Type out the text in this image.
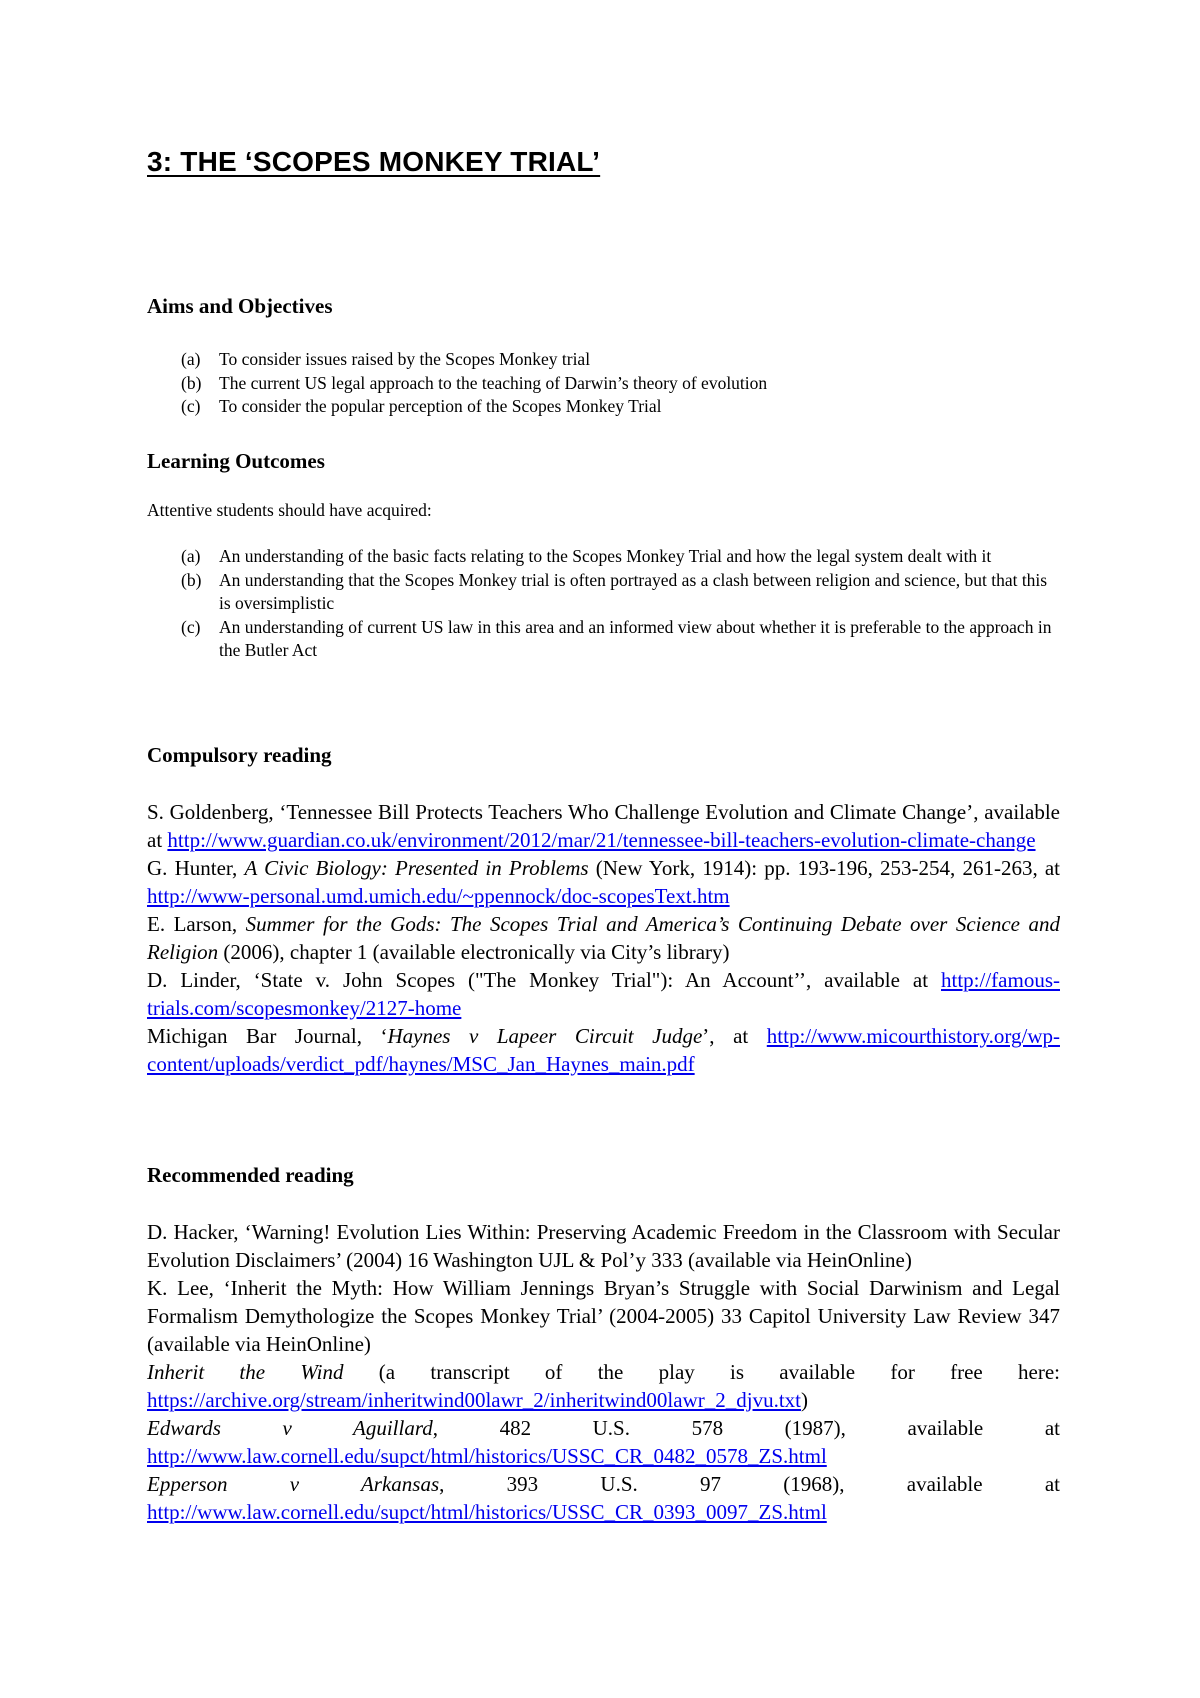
3: THE ‘SCOPES MONKEY TRIAL’
Aims and Objectives
(a) To consider issues raised by the Scopes Monkey trial
(b) The current US legal approach to the teaching of Darwin’s theory of evolution
(c) To consider the popular perception of the Scopes Monkey Trial
Learning Outcomes

Attentive students should have acquired:

(a) An understanding of the basic facts relating to the Scopes Monkey Trial and how the legal system dealt with it
(b) An understanding that the Scopes Monkey trial is often portrayed as a clash between religion and science, but that this is oversimplistic
(c) An understanding of current US law in this area and an informed view about whether it is preferable to the approach in the Butler Act
Compulsory reading
S. Goldenberg, ‘Tennessee Bill Protects Teachers Who Challenge Evolution and Climate Change’, available at http://www.guardian.co.uk/environment/2012/mar/21/tennessee-bill-teachers-evolution-climate-change
G. Hunter, A Civic Biology: Presented in Problems (New York, 1914): pp. 193-196, 253-254, 261-263, at http://www-personal.umd.umich.edu/~ppennock/doc-scopesText.htm
E. Larson, Summer for the Gods: The Scopes Trial and America’s Continuing Debate over Science and Religion (2006), chapter 1 (available electronically via City’s library)
D. Linder, ‘State v. John Scopes ("The Monkey Trial"): An Account’’, available at http://famous-trials.com/scopesmonkey/2127-home
Michigan Bar Journal, ‘Haynes v Lapeer Circuit Judge’, at http://www.micourthistory.org/wp-content/uploads/verdict_pdf/haynes/MSC_Jan_Haynes_main.pdf
Recommended reading
D. Hacker, ‘Warning! Evolution Lies Within: Preserving Academic Freedom in the Classroom with Secular Evolution Disclaimers’ (2004) 16 Washington UJL & Pol’y 333 (available via HeinOnline)
K. Lee, ‘Inherit the Myth: How William Jennings Bryan’s Struggle with Social Darwinism and Legal Formalism Demythologize the Scopes Monkey Trial’ (2004-2005) 33 Capitol University Law Review 347 (available via HeinOnline)
Inherit the Wind (a transcript of the play is available for free here: https://archive.org/stream/inheritwind00lawr_2/inheritwind00lawr_2_djvu.txt)
Edwards v Aguillard, 482 U.S. 578 (1987), available at http://www.law.cornell.edu/supct/html/historics/USSC_CR_0482_0578_ZS.html
Epperson v Arkansas, 393 U.S. 97 (1968), available at http://www.law.cornell.edu/supct/html/historics/USSC_CR_0393_0097_ZS.html
